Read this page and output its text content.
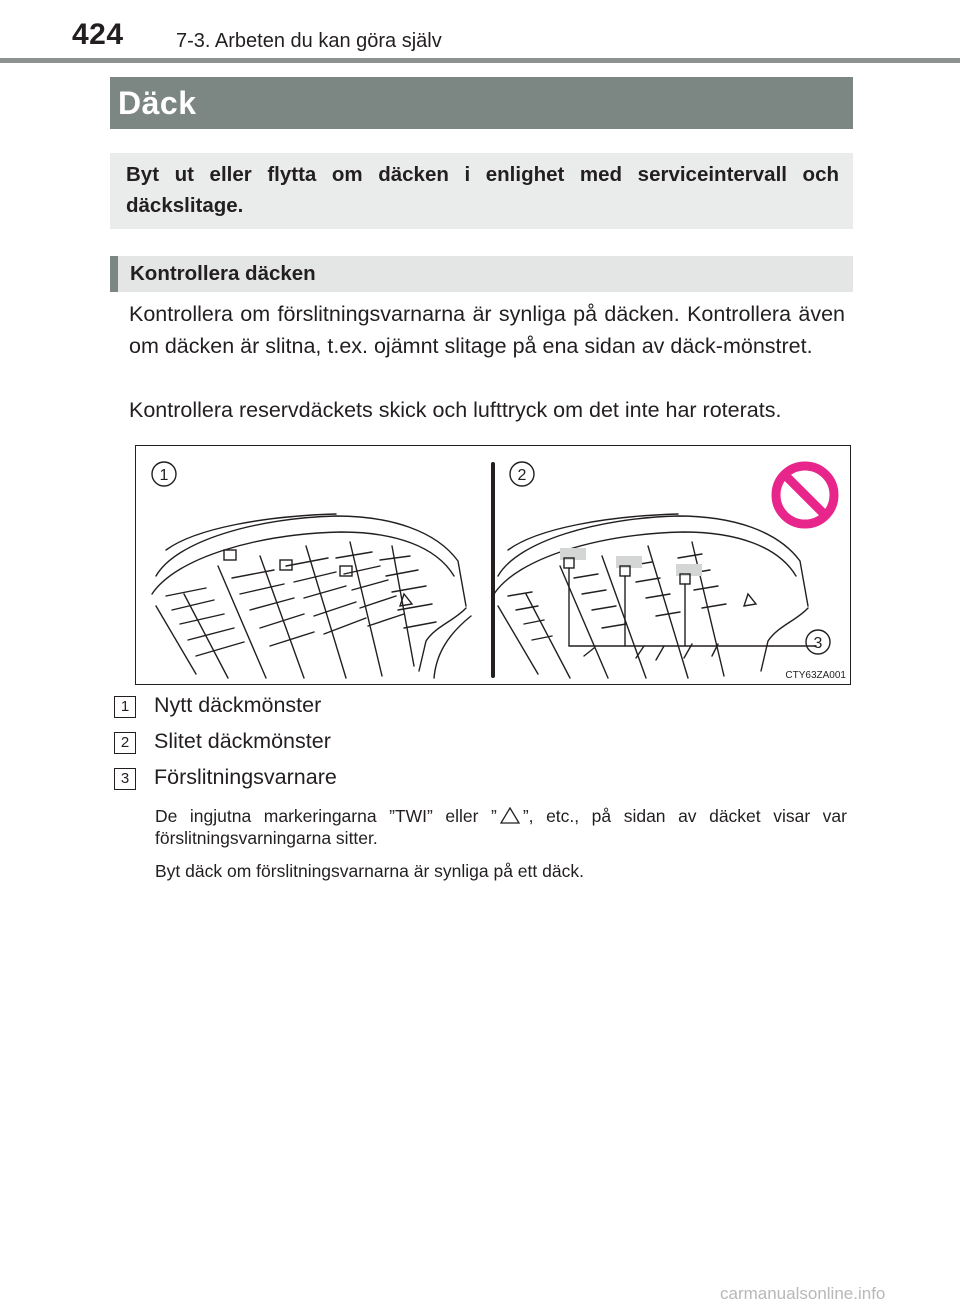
424	7-3. Arbeten du kan göra själv
Däck

Byt ut eller flytta om däcken i enlighet med serviceintervall och däckslitage.

Kontrollera däcken

Kontrollera om förslitningsvarnarna är synliga på däcken. Kontrollera även om däcken är slitna, t.ex. ojämnt slitage på ena sidan av däck-mönstret.

Kontrollera reservdäckets skick och lufttryck om det inte har roterats.

1	2
3
CTY63ZA001
1	Nytt däckmönster
2	Slitet däckmönster
3	Förslitningsvarnare

De ingjutna markeringarna ”TWI” eller ” ”, etc., på sidan av däcket visar var förslitningsvarningarna sitter.

Byt däck om förslitningsvarnarna är synliga på ett däck.

carmanualsonline.info
